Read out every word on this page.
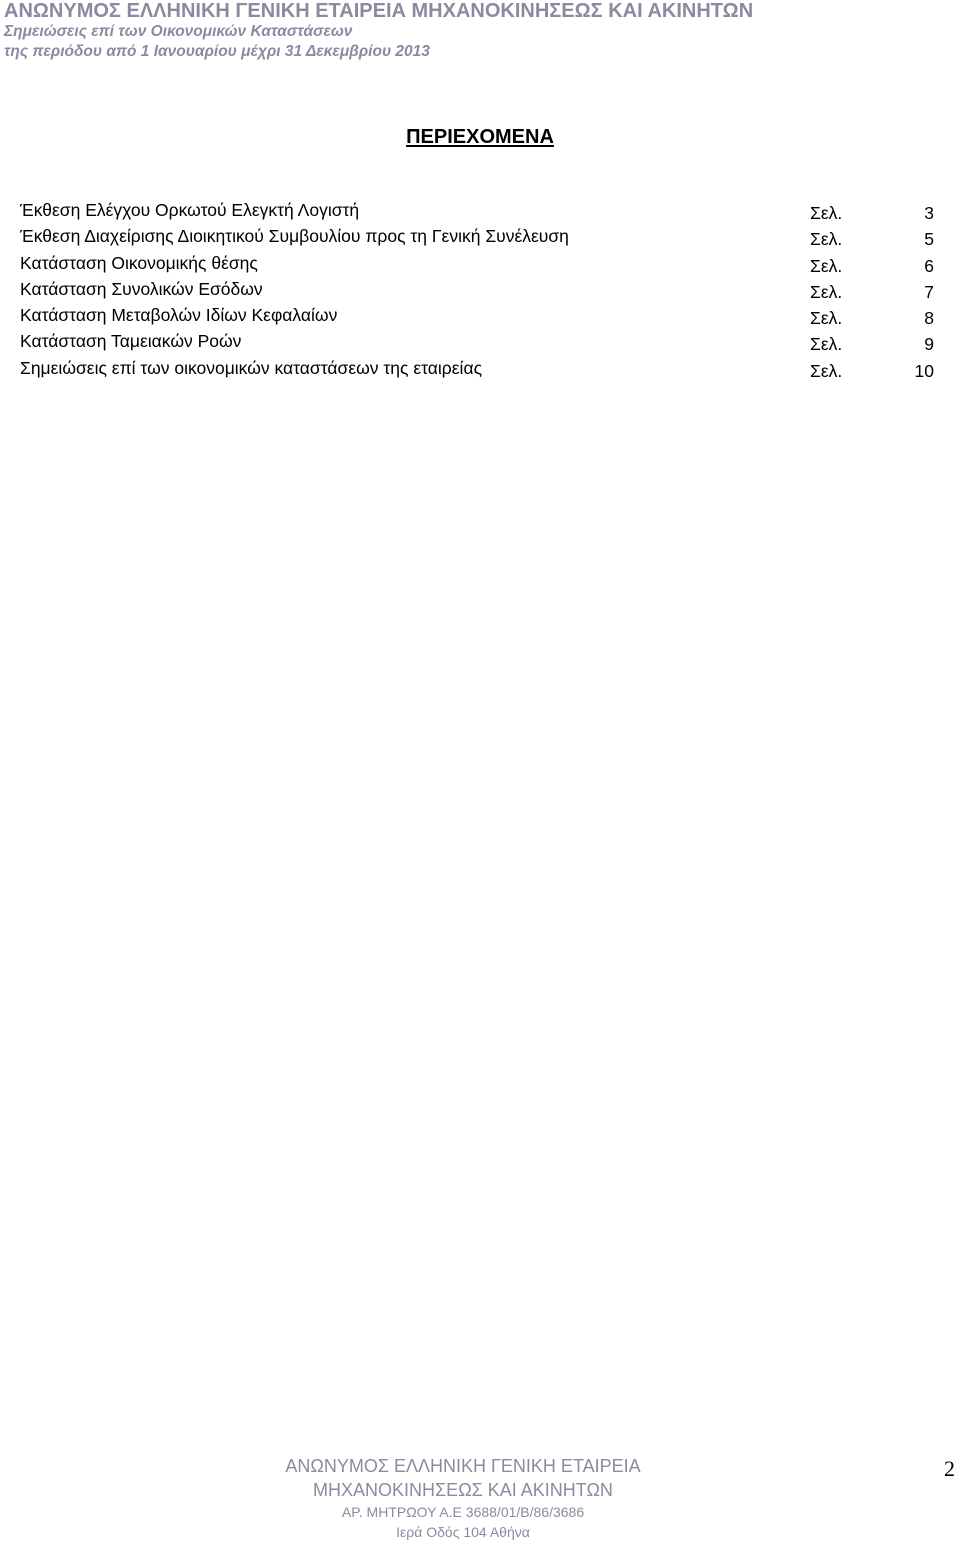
ΑΝΩΝΥΜΟΣ ΕΛΛΗΝΙΚΗ ΓΕΝΙΚΗ ΕΤΑΙΡΕΙΑ ΜΗΧΑΝΟΚΙΝΗΣΕΩΣ ΚΑΙ ΑΚΙΝΗΤΩΝ
Σημειώσεις επί των Οικονομικών Καταστάσεων
της περιόδου από 1 Ιανουαρίου μέχρι 31 Δεκεμβρίου 2013
ΠΕΡΙΕΧΟΜΕΝΑ
Έκθεση Ελέγχου Ορκωτού Ελεγκτή Λογιστή	Σελ.	3
Έκθεση Διαχείρισης Διοικητικού Συμβουλίου προς τη Γενική Συνέλευση	Σελ.	5
Κατάσταση Οικονομικής θέσης	Σελ.	6
Κατάσταση Συνολικών Εσόδων	Σελ.	7
Κατάσταση Μεταβολών Ιδίων Κεφαλαίων	Σελ.	8
Κατάσταση Ταμειακών Ροών	Σελ.	9
Σημειώσεις επί των οικονομικών καταστάσεων της εταιρείας	Σελ.	10
ΑΝΩΝΥΜΟΣ ΕΛΛΗΝΙΚΗ ΓΕΝΙΚΗ ΕΤΑΙΡΕΙΑ
ΜΗΧΑΝΟΚΙΝΗΣΕΩΣ ΚΑΙ ΑΚΙΝΗΤΩΝ
ΑΡ. ΜΗΤΡΩΟΥ Α.Ε 3688/01/Β/86/3686
Ιερά Οδός 104 Αθήνα
2
